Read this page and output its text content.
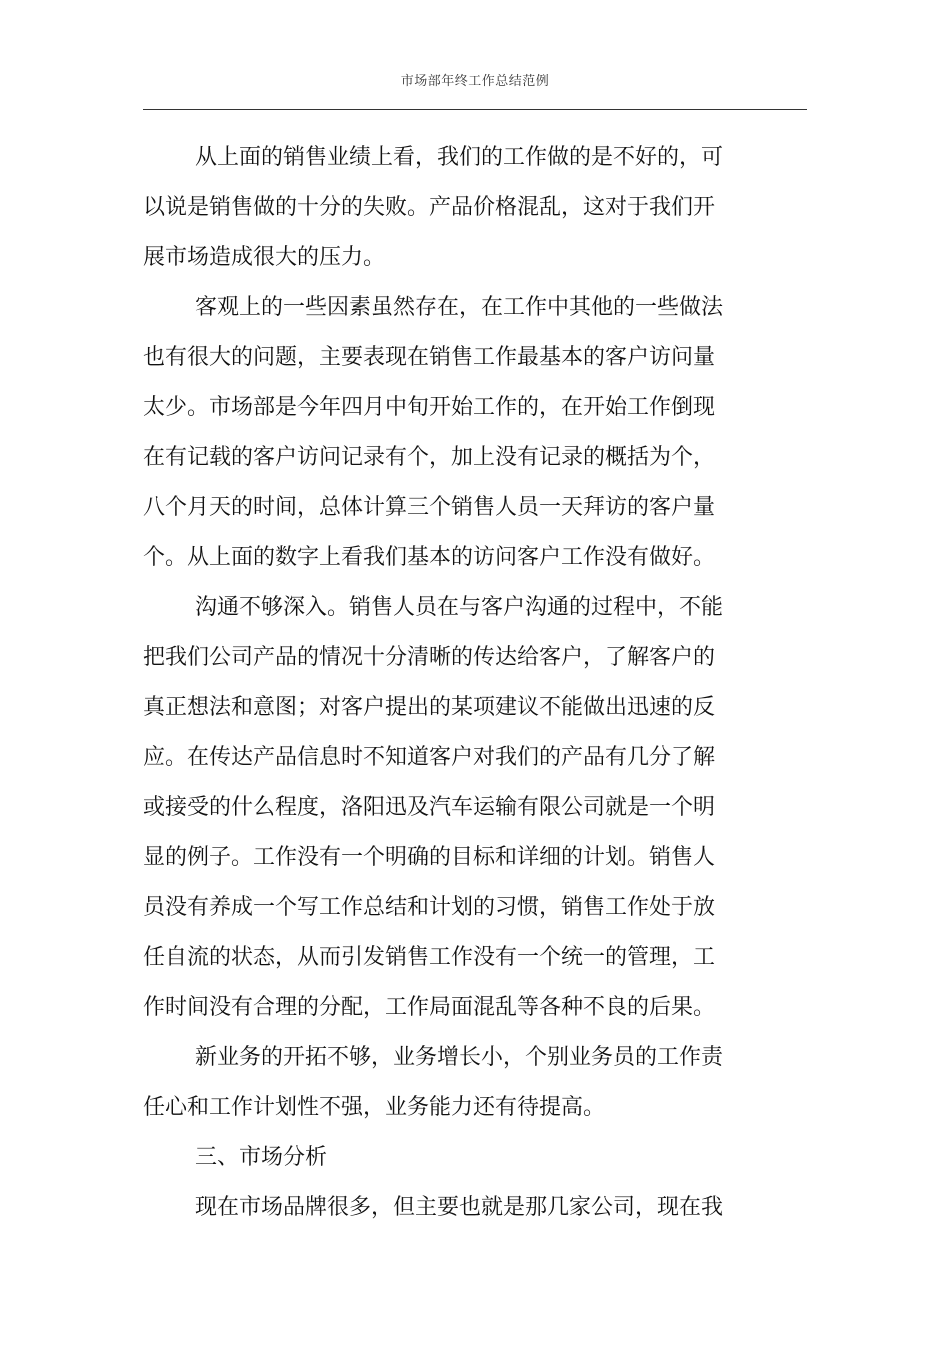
市场部年终工作总结范例
从上面的销售业绩上看，我们的工作做的是不好的，可
以说是销售做的十分的失败。产品价格混乱，这对于我们开
展市场造成很大的压力。
客观上的一些因素虽然存在，在工作中其他的一些做法
也有很大的问题，主要表现在销售工作最基本的客户访问量
太少。市场部是今年四月中旬开始工作的，在开始工作倒现
在有记载的客户访问记录有个，加上没有记录的概括为个，
八个月天的时间，总体计算三个销售人员一天拜访的客户量
个。从上面的数字上看我们基本的访问客户工作没有做好。
沟通不够深入。销售人员在与客户沟通的过程中，不能
把我们公司产品的情况十分清晰的传达给客户，了解客户的
真正想法和意图；对客户提出的某项建议不能做出迅速的反
应。在传达产品信息时不知道客户对我们的产品有几分了解
或接受的什么程度，洛阳迅及汽车运输有限公司就是一个明
显的例子。工作没有一个明确的目标和详细的计划。销售人
员没有养成一个写工作总结和计划的习惯，销售工作处于放
任自流的状态，从而引发销售工作没有一个统一的管理，工
作时间没有合理的分配，工作局面混乱等各种不良的后果。
新业务的开拓不够，业务增长小，个别业务员的工作责
任心和工作计划性不强，业务能力还有待提高。
三、市场分析
现在市场品牌很多，但主要也就是那几家公司，现在我
